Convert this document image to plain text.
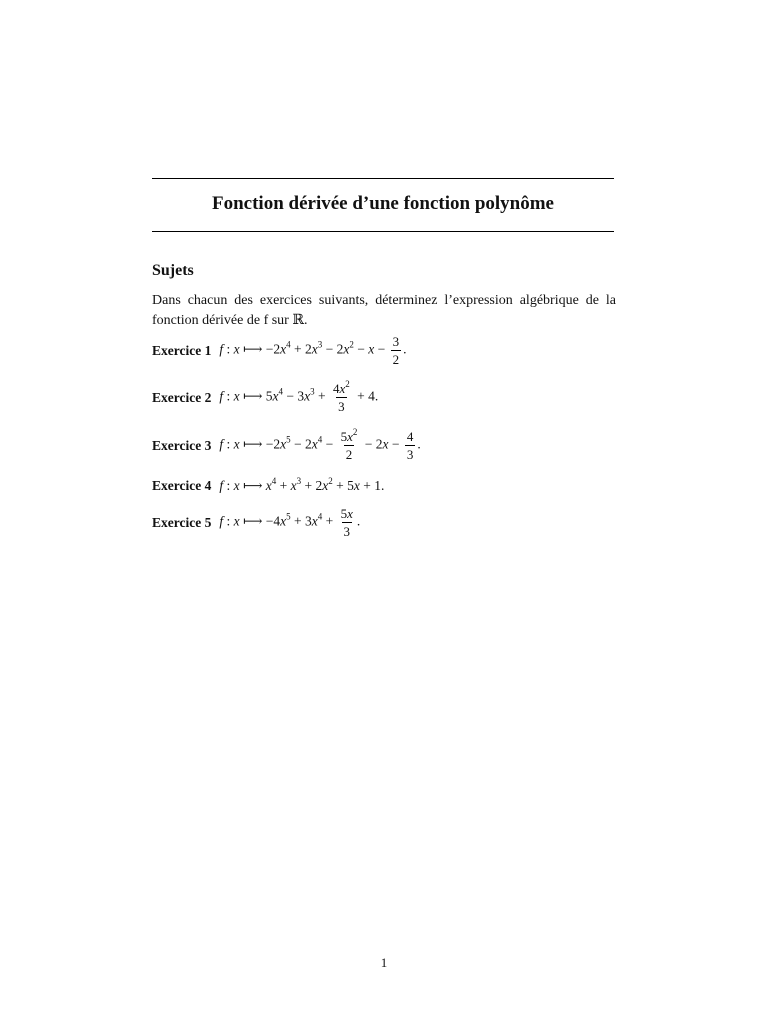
Fonction dérivée d’une fonction polynôme
Sujets

Dans chacun des exercices suivants, déterminez l’expression algébrique de la fonction dérivée de f sur ℝ.

Exercice 1 f : x ⟼ $-2x^4 + 2x^3 - 2x^2 - x - \frac{3}{2}$ .
Exercice 2 f : x ⟼ $5x^4 - 3x^3 + \frac{4x^2}{3} + 4$.
Exercice 3 f : x ⟼ $-2x^5 - 2x^4 - \frac{5x^2}{2} - 2x - \frac{4}{3}$ .
Exercice 4 f : x ⟼ $x^4 + x^3 + 2x^2 + 5x + 1$.
Exercice 5 f : x ⟼ $-4x^5 + 3x^4 + \frac{5x}{3}$ .
1
